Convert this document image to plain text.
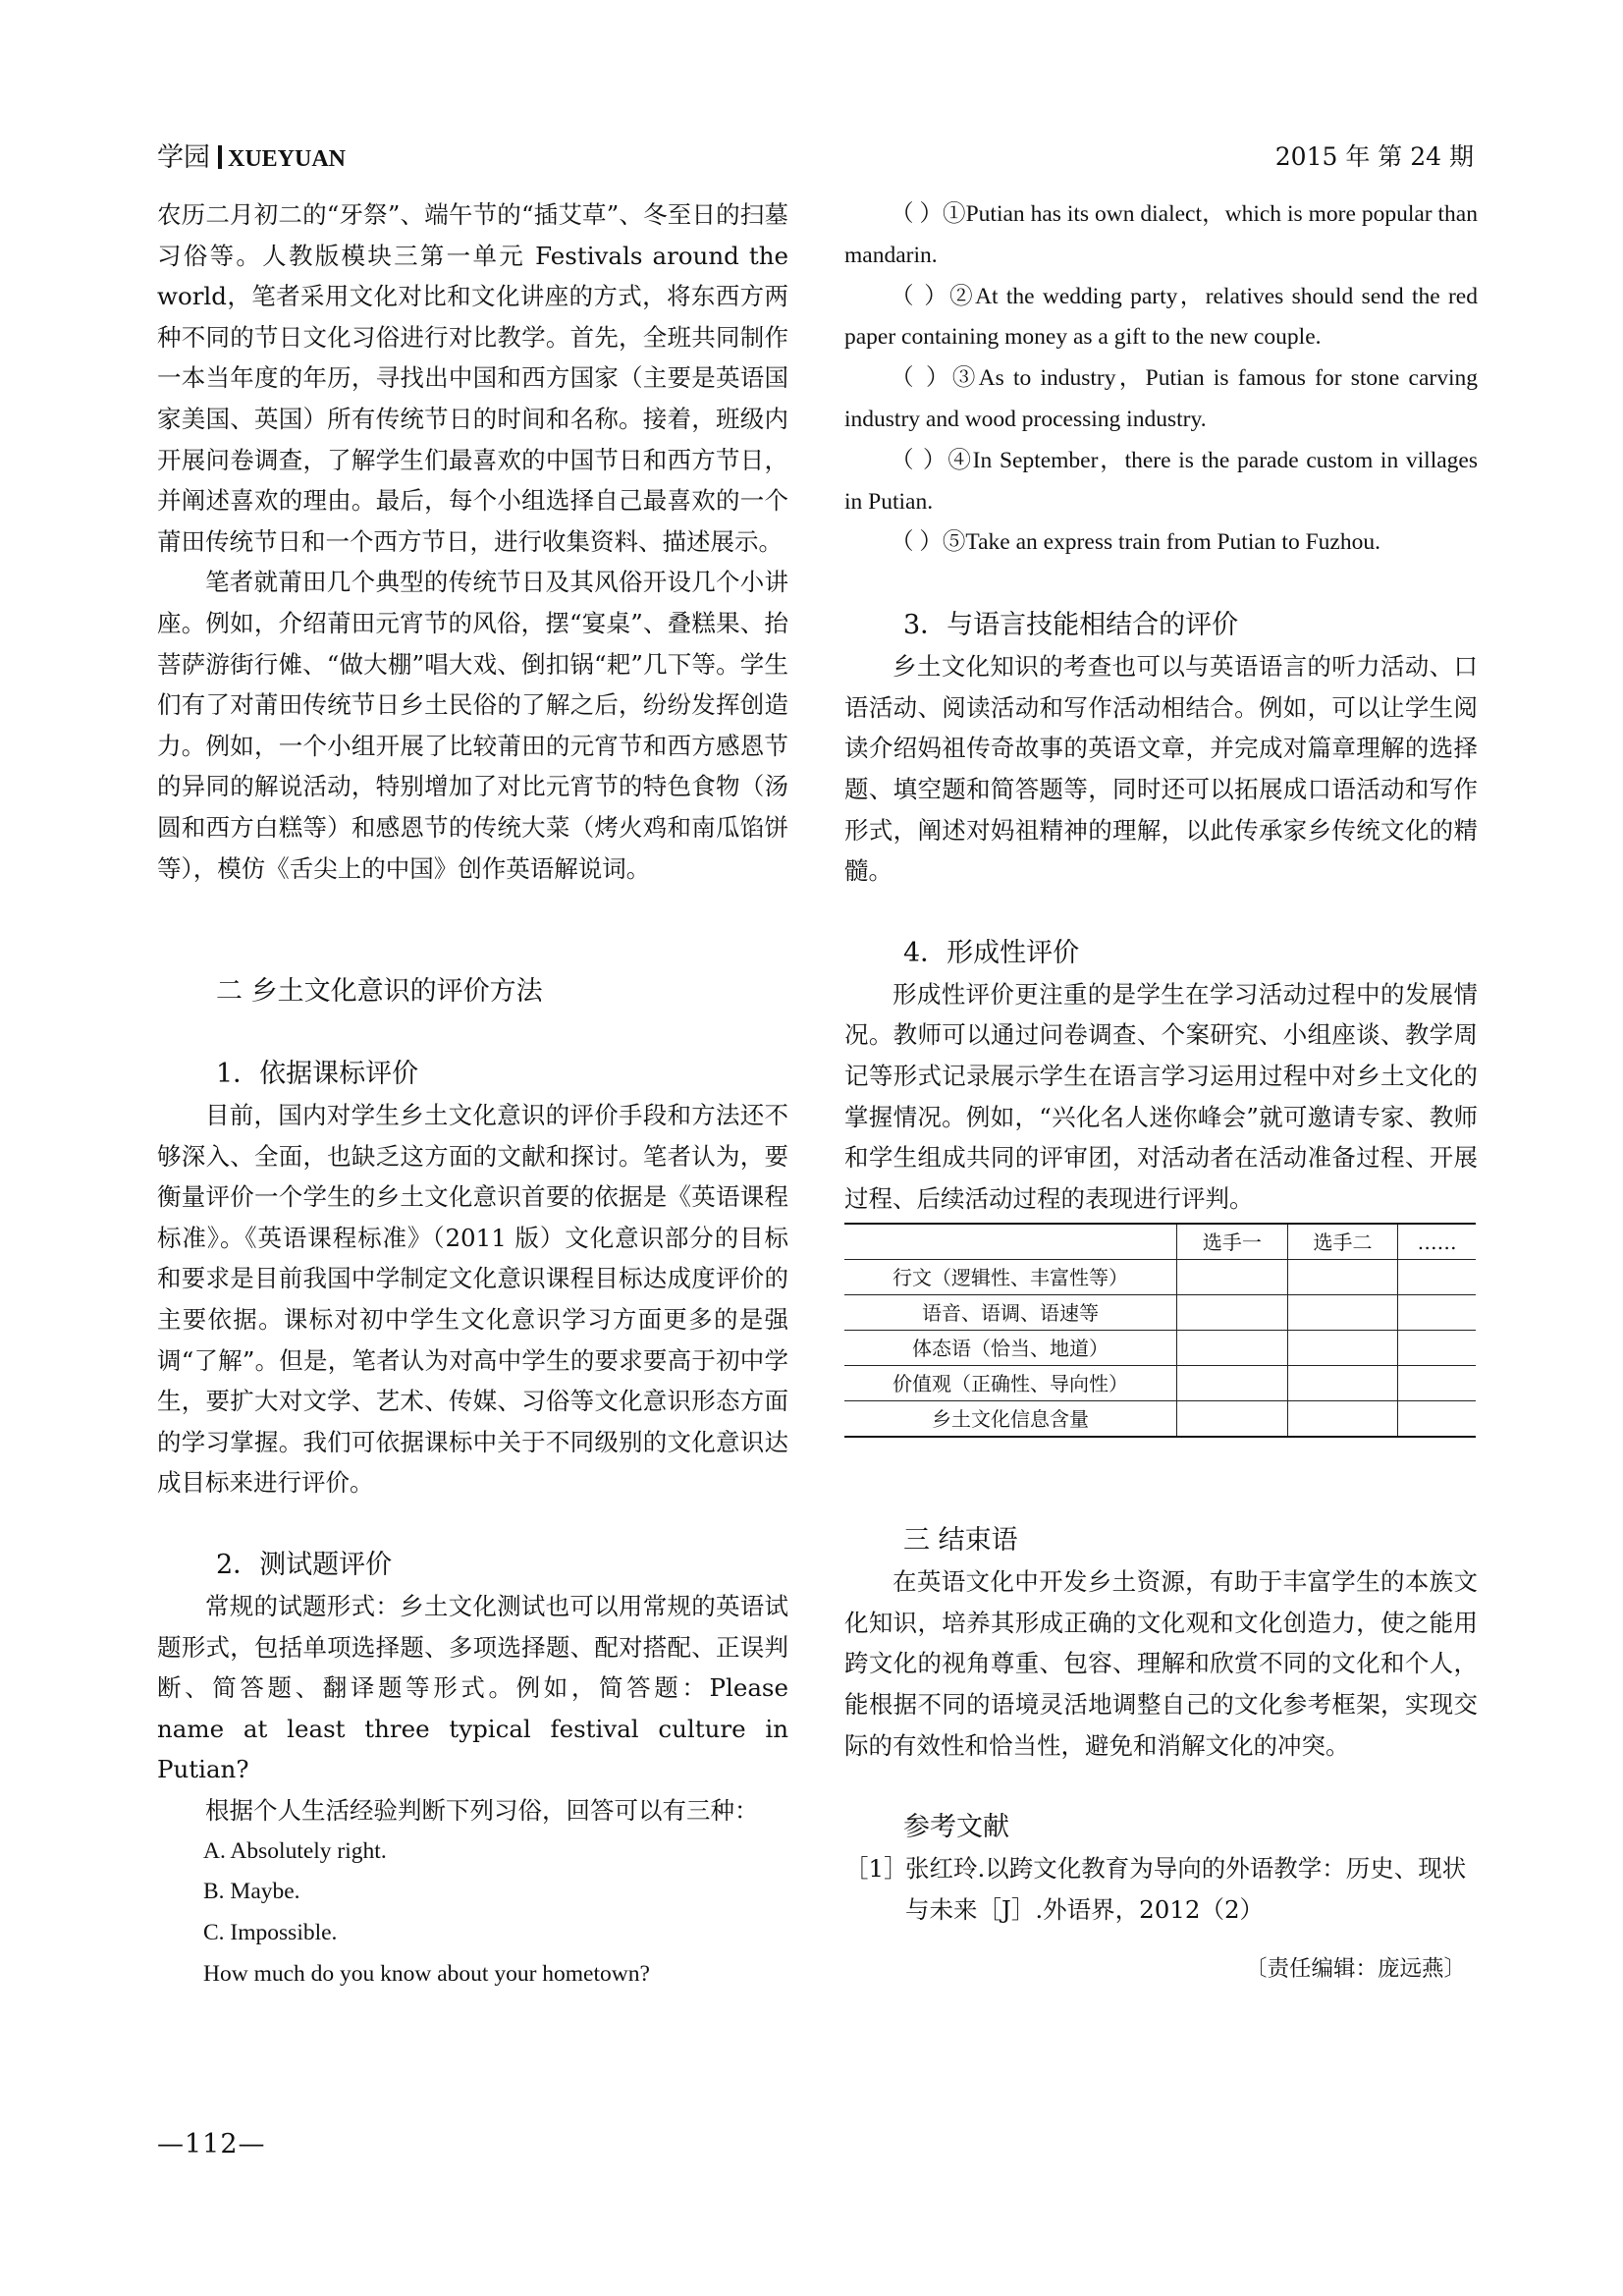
学园 XUEYUAN	2015 年 第 24 期

农历二月初二的“牙祭”、端午节的“插艾草”、冬至日的扫墓习俗等。人教版模块三第一单元 Festivals around the world，笔者采用文化对比和文化讲座的方式，将东西方两种不同的节日文化习俗进行对比教学。首先，全班共同制作一本当年度的年历，寻找出中国和西方国家（主要是英语国家美国、英国）所有传统节日的时间和名称。接着，班级内开展问卷调查，了解学生们最喜欢的中国节日和西方节日，并阐述喜欢的理由。最后，每个小组选择自己最喜欢的一个莆田传统节日和一个西方节日，进行收集资料、描述展示。

笔者就莆田几个典型的传统节日及其风俗开设几个小讲座。例如，介绍莆田元宵节的风俗，摆“宴桌”、叠糕果、抬菩萨游街行傩、“做大棚”唱大戏、倒扣锅“耙”几下等。学生们有了对莆田传统节日乡土民俗的了解之后，纷纷发挥创造力。例如，一个小组开展了比较莆田的元宵节和西方感恩节的异同的解说活动，特别增加了对比元宵节的特色食物（汤圆和西方白糕等）和感恩节的传统大菜（烤火鸡和南瓜馅饼等），模仿《舌尖上的中国》创作英语解说词。

二 乡土文化意识的评价方法
1．依据课标评价

目前，国内对学生乡土文化意识的评价手段和方法还不够深入、全面，也缺乏这方面的文献和探讨。笔者认为，要衡量评价一个学生的乡土文化意识首要的依据是《英语课程标准》。《英语课程标准》（2011 版）文化意识部分的目标和要求是目前我国中学制定文化意识课程目标达成度评价的主要依据。课标对初中学生文化意识学习方面更多的是强调“了解”。但是，笔者认为对高中学生的要求要高于初中学生，要扩大对文学、艺术、传媒、习俗等文化意识形态方面的学习掌握。我们可依据课标中关于不同级别的文化意识达成目标来进行评价。

2．测试题评价

常规的试题形式：乡土文化测试也可以用常规的英语试题形式，包括单项选择题、多项选择题、配对搭配、正误判断、简答题、翻译题等形式。例如，简答题：Please name at least three typical festival culture in Putian?

根据个人生活经验判断下列习俗，回答可以有三种：

A. Absolutely right.

B. Maybe.

C. Impossible.

How much do you know about your hometown?

（ ）①Putian has its own dialect，which is more popular than mandarin.

（ ）②At the wedding party，relatives should send the red paper containing money as a gift to the new couple.

（ ）③As to industry，Putian is famous for stone carving industry and wood processing industry.

（ ）④In September，there is the parade custom in villages in Putian.

（ ）⑤Take an express train from Putian to Fuzhou.

3．与语言技能相结合的评价

乡土文化知识的考查也可以与英语语言的听力活动、口语活动、阅读活动和写作活动相结合。例如，可以让学生阅读介绍妈祖传奇故事的英语文章，并完成对篇章理解的选择题、填空题和简答题等，同时还可以拓展成口语活动和写作形式，阐述对妈祖精神的理解，以此传承家乡传统文化的精髓。

4．形成性评价

形成性评价更注重的是学生在学习活动过程中的发展情况。教师可以通过问卷调查、个案研究、小组座谈、教学周记等形式记录展示学生在语言学习运用过程中对乡土文化的掌握情况。例如，“兴化名人迷你峰会”就可邀请专家、教师和学生组成共同的评审团，对活动者在活动准备过程、开展过程、后续活动过程的表现进行评判。

	选手一	选手二	……
行文（逻辑性、丰富性等）			
语音、语调、语速等			
体态语（恰当、地道）			
价值观（正确性、导向性）			
乡土文化信息含量			
三 结束语

在英语文化中开发乡土资源，有助于丰富学生的本族文化知识，培养其形成正确的文化观和文化创造力，使之能用跨文化的视角尊重、包容、理解和欣赏不同的文化和个人，能根据不同的语境灵活地调整自己的文化参考框架，实现交际的有效性和恰当性，避免和消解文化的冲突。

参考文献
［1］
张红玲.以跨文化教育为导向的外语教学：历史、现状与未来［J］.外语界，2012（2）
〔责任编辑：庞远燕〕
—112—
